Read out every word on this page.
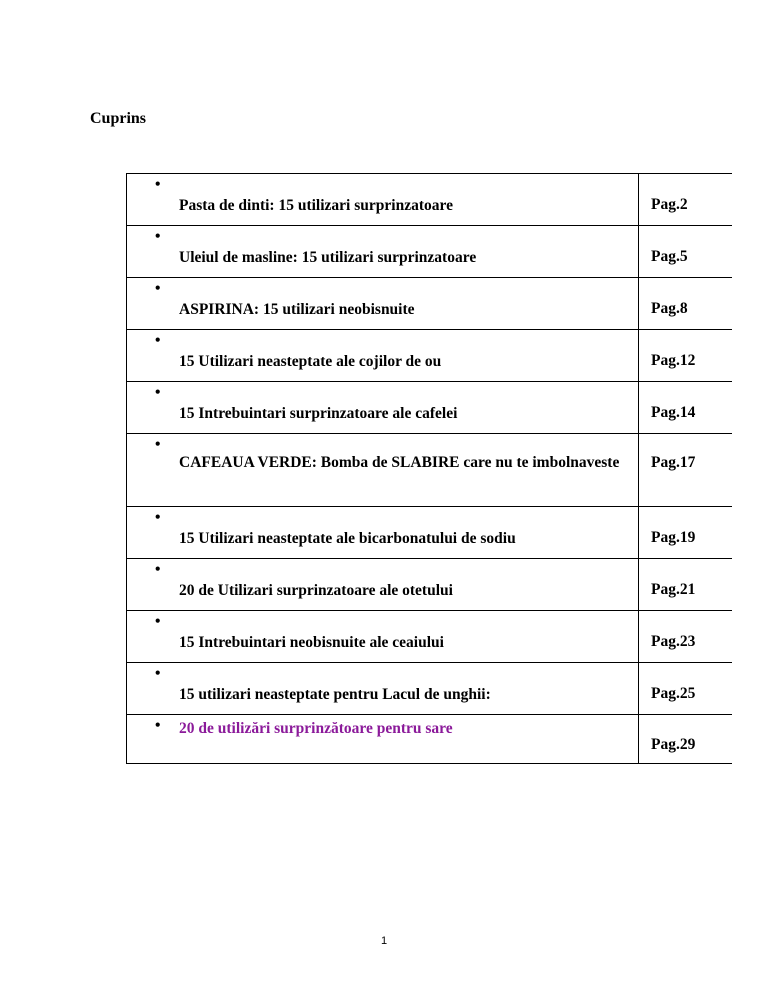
Cuprins
•
Pasta de dinti: 15 utilizari surprinzatoare	Pag.2

•
Uleiul de masline: 15 utilizari surprinzatoare	Pag.5

•
ASPIRINA: 15 utilizari neobisnuite	Pag.8

•
15 Utilizari neasteptate ale cojilor de ou	Pag.12

•
15 Intrebuintari surprinzatoare ale cafelei	Pag.14

•
CAFEAUA VERDE: Bomba de SLABIRE care nu te imbolnaveste	Pag.17

•
15 Utilizari neasteptate ale bicarbonatului de sodiu	Pag.19

•
20 de Utilizari surprinzatoare ale otetului	Pag.21

•
15 Intrebuintari neobisnuite ale ceaiului	Pag.23

•
15 utilizari neasteptate pentru Lacul de unghii:	Pag.25

• 20 de utilizări surprinzătoare pentru sare	Pag.29
1
